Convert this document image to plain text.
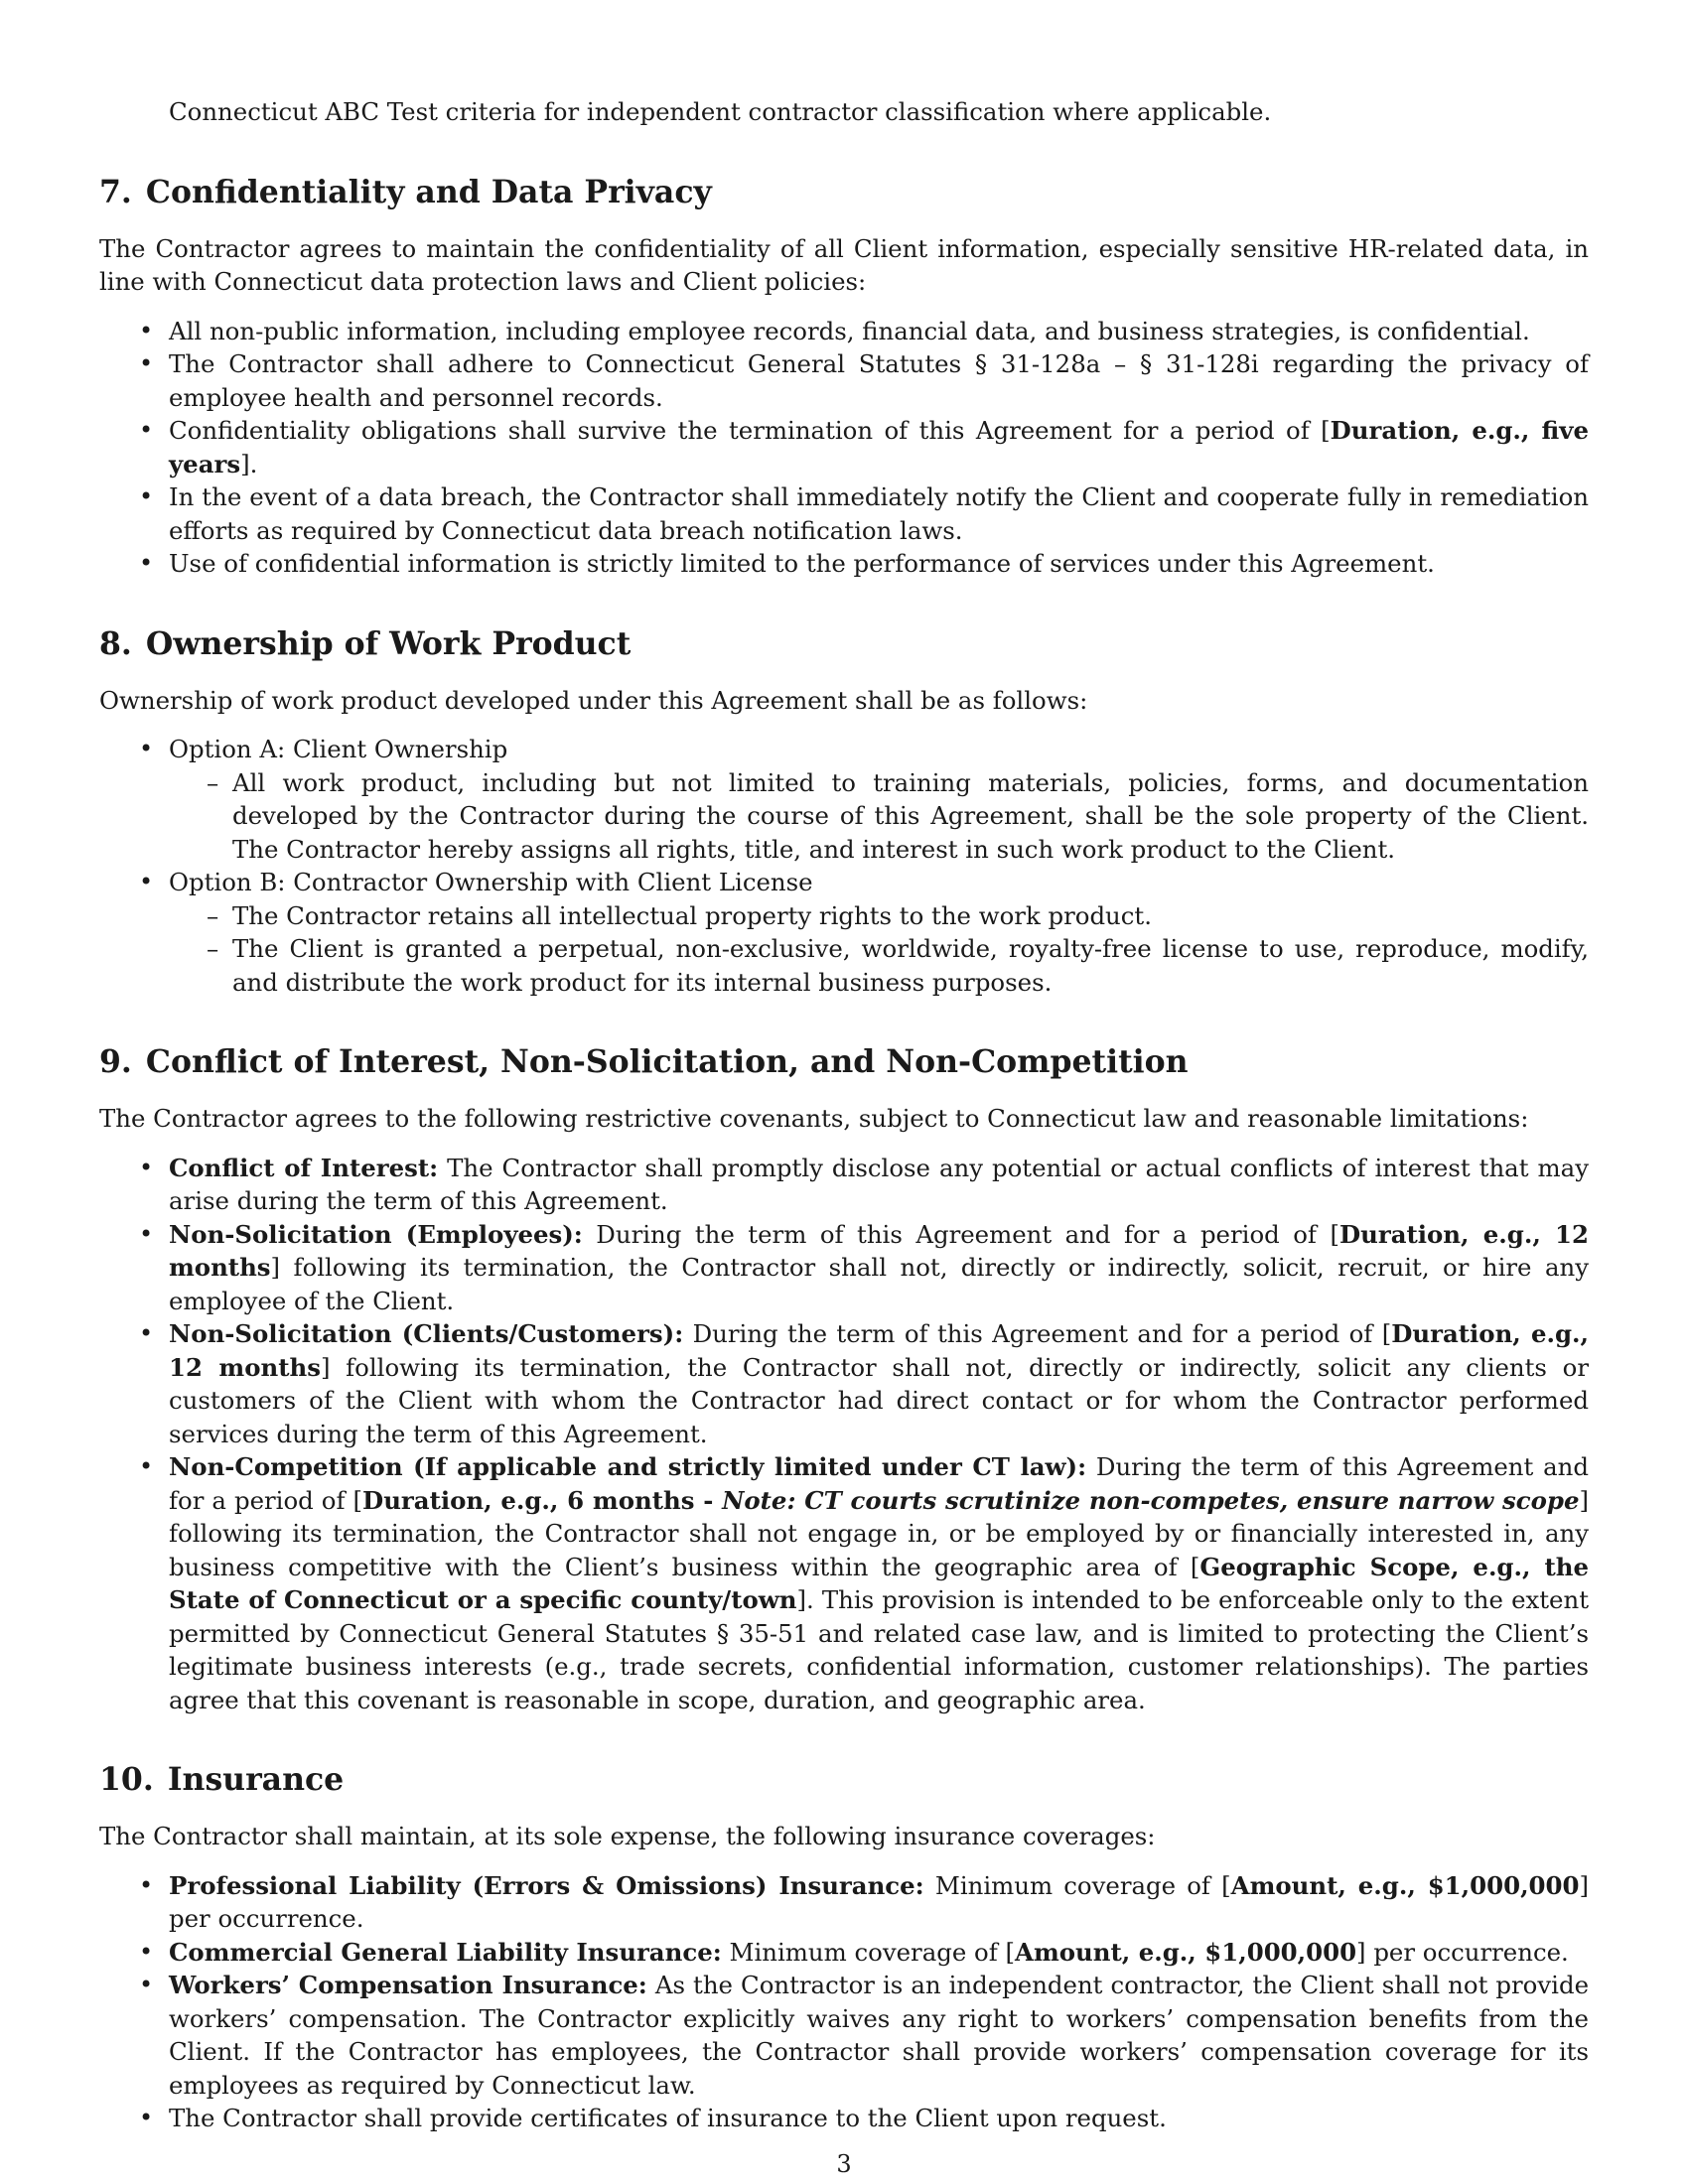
Connecticut ABC Test criteria for independent contractor classification where applicable.

7. Confidentiality and Data Privacy

The Contractor agrees to maintain the confidentiality of all Client information, especially sensitive HR-related data, in line with Connecticut data protection laws and Client policies:

• All non-public information, including employee records, financial data, and business strategies, is confidential.
• The Contractor shall adhere to Connecticut General Statutes § 31-128a – § 31-128i regarding the privacy of employee health and personnel records.
• Confidentiality obligations shall survive the termination of this Agreement for a period of [Duration, e.g., five years].
• In the event of a data breach, the Contractor shall immediately notify the Client and cooperate fully in remediation efforts as required by Connecticut data breach notification laws.
• Use of confidential information is strictly limited to the performance of services under this Agreement.
8. Ownership of Work Product

Ownership of work product developed under this Agreement shall be as follows:

• Option A: Client Ownership
– All work product, including but not limited to training materials, policies, forms, and documentation developed by the Contractor during the course of this Agreement, shall be the sole property of the Client. The Contractor hereby assigns all rights, title, and interest in such work product to the Client.
• Option B: Contractor Ownership with Client License
– The Contractor retains all intellectual property rights to the work product.
– The Client is granted a perpetual, non-exclusive, worldwide, royalty-free license to use, reproduce, modify, and distribute the work product for its internal business purposes.
9. Conflict of Interest, Non-Solicitation, and Non-Competition

The Contractor agrees to the following restrictive covenants, subject to Connecticut law and reasonable limitations:

• Conflict of Interest: The Contractor shall promptly disclose any potential or actual conflicts of interest that may arise during the term of this Agreement.
• Non-Solicitation (Employees): During the term of this Agreement and for a period of [Duration, e.g., 12 months] following its termination, the Contractor shall not, directly or indirectly, solicit, recruit, or hire any employee of the Client.
• Non-Solicitation (Clients/Customers): During the term of this Agreement and for a period of [Duration, e.g., 12 months] following its termination, the Contractor shall not, directly or indirectly, solicit any clients or customers of the Client with whom the Contractor had direct contact or for whom the Contractor performed services during the term of this Agreement.
• Non-Competition (If applicable and strictly limited under CT law): During the term of this Agreement and for a period of [Duration, e.g., 6 months - Note: CT courts scrutinize non-competes, ensure narrow scope] following its termination, the Contractor shall not engage in, or be employed by or financially interested in, any business competitive with the Client’s business within the geographic area of [Geographic Scope, e.g., the State of Connecticut or a specific county/town]. This provision is intended to be enforceable only to the extent permitted by Connecticut General Statutes § 35-51 and related case law, and is limited to protecting the Client’s legitimate business interests (e.g., trade secrets, confidential information, customer relationships). The parties agree that this covenant is reasonable in scope, duration, and geographic area.
10. Insurance

The Contractor shall maintain, at its sole expense, the following insurance coverages:

• Professional Liability (Errors & Omissions) Insurance: Minimum coverage of [Amount, e.g., $1,000,000] per occurrence.
• Commercial General Liability Insurance: Minimum coverage of [Amount, e.g., $1,000,000] per occurrence.
• Workers’ Compensation Insurance: As the Contractor is an independent contractor, the Client shall not provide workers’ compensation. The Contractor explicitly waives any right to workers’ compensation benefits from the Client. If the Contractor has employees, the Contractor shall provide workers’ compensation coverage for its employees as required by Connecticut law.
• The Contractor shall provide certificates of insurance to the Client upon request.
3
